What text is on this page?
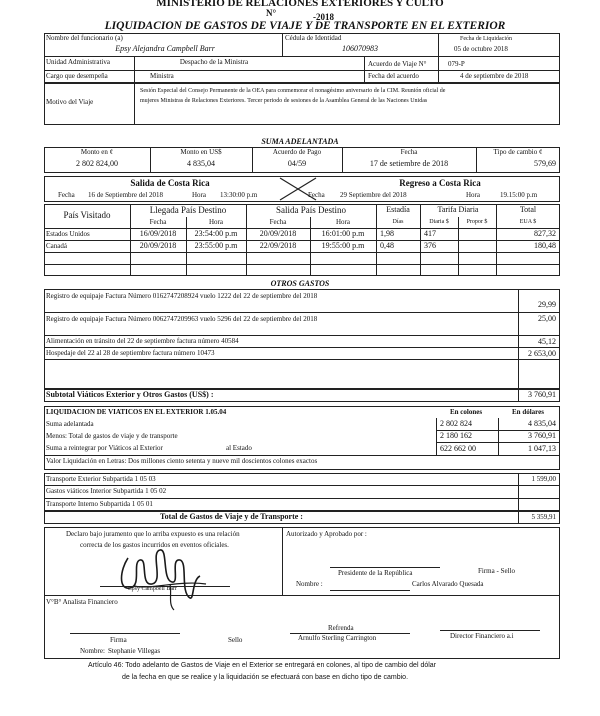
MINISTERIO DE RELACIONES EXTERIORES Y CULTO
N°	-2018
LIQUIDACION DE GASTOS DE VIAJE Y DE TRANSPORTE EN EL EXTERIOR
Nombre del funcionario (a)
Epsy Alejandra Campbell Barr
Cédula de Identidad
106070983
Fecha de Liquidación
05 de octubre 2018
Unidad Administrativa	Despacho de la Ministra	Acuerdo de Viaje N°	079-P
Cargo que desempeña	Ministra	Fecha del acuerdo	4 de septiembre de 2018
Motivo del Viaje
Sesión Especial del Consejo Permanente de la OEA para conmemorar el nonagésimo aniversario de la CIM. Reunión oficial de
mujeres Ministras de Relaciones Exteriores. Tercer periodo de sesiones de la Asamblea General de las Naciones Unidas
SUMA ADELANTADA
Monto en ¢
2 802 824,00
Monto en US$
4 835,04
Acuerdo de Pago
04/59
Fecha
17 de setiembre de 2018
Tipo de cambio ¢
579,69
Salida de Costa Rica
Fecha 16 de Septiembre del 2018	Hora 13:30:00 p.m
Regreso a Costa Rica
Fecha 29 Septiembre del 2018	Hora	19.15:00 p.m
País Visitado	Llegada País Destino	Salida País Destino	Estadía	Tarifa Diaria	Total
Fecha	Hora	Fecha	Hora	Días	Diaria $	Propor $	EUA $
Estados Unidos	16/09/2018	23:54:00 p.m	20/09/2018	16:01:00 p.m	1,98	417	827,32
Canadá	20/09/2018	23:55:00 p.m	22/09/2018	19:55:00 p.m	0,48	376	180,48
OTROS GASTOS
Registro de equipaje Factura Número 0162747208924 vuelo 1222 del 22 de septiembre del 2018
29,99
Registro de equipaje Factura Número 0062747209963 vuelo 5296 del 22 de septiembre del 2018	25,00
Alimentación en tránsito del 22 de septiembre factura número 40584	45,12
Hospedaje del 22 al 28 de septiembre factura número 10473	2 653,00
Subtotal Viáticos Exterior y Otros Gastos (US$) :	3 760,91
LIQUIDACION DE VIATICOS EN EL EXTERIOR 1.05.04	En colones	En dólares
Suma adelantada	2 802 824	4 835,04
Menos: Total de gastos de viaje y de transporte	2 180 162	3 760,91
Suma a reintegrar por Viáticos al Exterior	al Estado	622 662 00	1 047,13
Valor Liquidación en Letras: Dos millones ciento setenta y nueve mil doscientos colones exactos
Transporte Exterior Subpartida 1 05 03	1 599,00
Gastos viáticos Interior Subpartida 1 05 02
Transporte Interno Subpartida 1 05 01
Total de Gastos de Viaje y de Transporte :	5 359,91
Declaro bajo juramento que lo arriba expuesto es una relación
correcta de los gastos incurridos en eventos oficiales.
Epsy Campbell Barr
Autorizado y Aprobado por :
Presidente de la República	Firma - Sello
Nombre :	Carlos Alvarado Quesada
V°B° Analista Financiero
Refrenda
Arnulfo Sterling Carrington	Director Financiero a.i
Firma	Sello
Nombre: Stephanie Villegas
Artículo 46: Todo adelanto de Gastos de Viaje en el Exterior se entregará en colones, al tipo de cambio del dólar
de la fecha en que se realice y la liquidación se efectuará con base en dicho tipo de cambio.
